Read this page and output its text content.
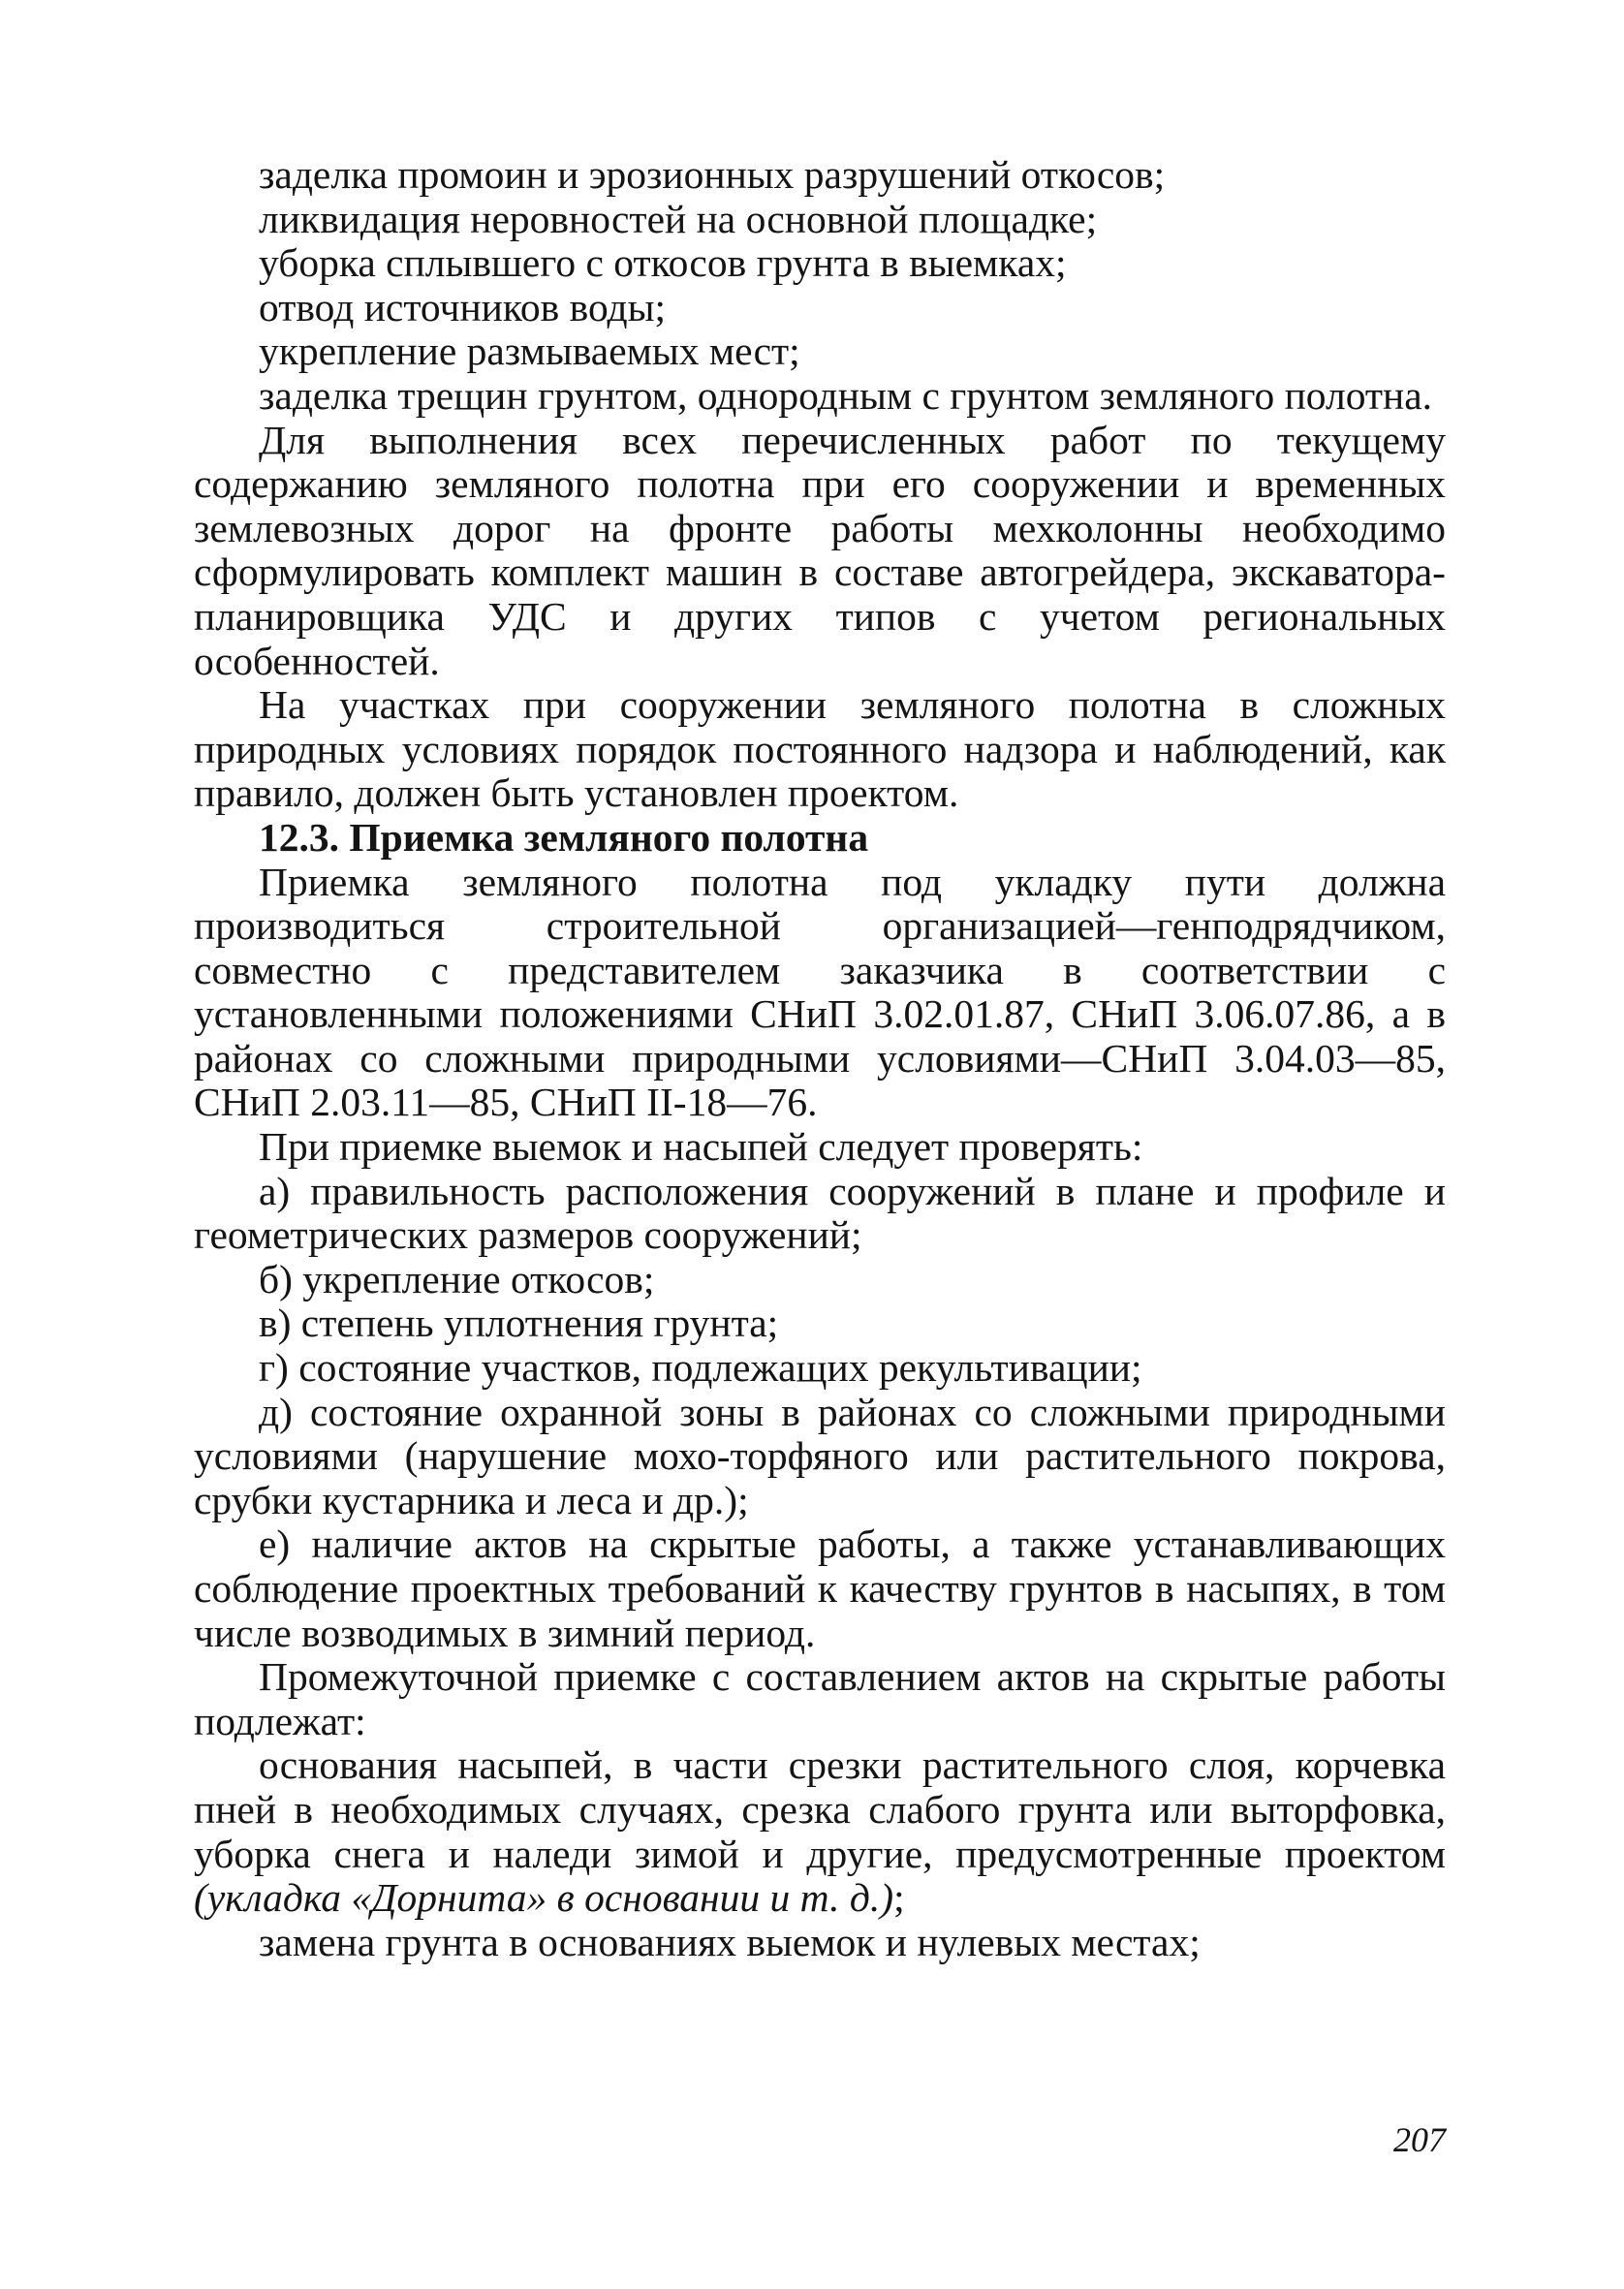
заделка промоин и эрозионных разрушений откосов;

ликвидация неровностей на основной площадке;

уборка сплывшего с откосов грунта в выемках;

отвод источников воды;

укрепление размываемых мест;

заделка трещин грунтом, однородным с грунтом земляного полотна.

Для выполнения всех перечисленных работ по текущему содержанию земляного полотна при его сооружении и временных землевозных дорог на фронте работы мехколонны необходимо сформулировать комплект машин в составе автогрейдера, экскаватора-планировщика УДС и других типов с учетом региональных особенностей.

На участках при сооружении земляного полотна в сложных природных условиях порядок постоянного надзора и наблюдений, как правило, должен быть установлен проектом.

12.3. Приемка земляного полотна

Приемка земляного полотна под укладку пути должна производиться строительной организацией—генподрядчиком, совместно с представителем заказчика в соответствии с установленными положениями СНиП 3.02.01.87, СНиП 3.06.07.86, а в районах со сложными природными условиями—СНиП 3.04.03—85, СНиП 2.03.11—85, СНиП II-18—76.

При приемке выемок и насыпей следует проверять:

а) правильность расположения сооружений в плане и профиле и геометрических размеров сооружений;

б) укрепление откосов;

в) степень уплотнения грунта;

г) состояние участков, подлежащих рекультивации;

д) состояние охранной зоны в районах со сложными природными условиями (нарушение мохо-торфяного или растительного покрова, срубки кустарника и леса и др.);

е) наличие актов на скрытые работы, а также устанавливающих соблюдение проектных требований к качеству грунтов в насыпях, в том числе возводимых в зимний период.

Промежуточной приемке с составлением актов на скрытые работы подлежат:

основания насыпей, в части срезки растительного слоя, корчевка пней в необходимых случаях, срезка слабого грунта или выторфовка, уборка снега и наледи зимой и другие, предусмотренные проектом (укладка «Дорнита» в основании и т. д.);

замена грунта в основаниях выемок и нулевых местах;

207
